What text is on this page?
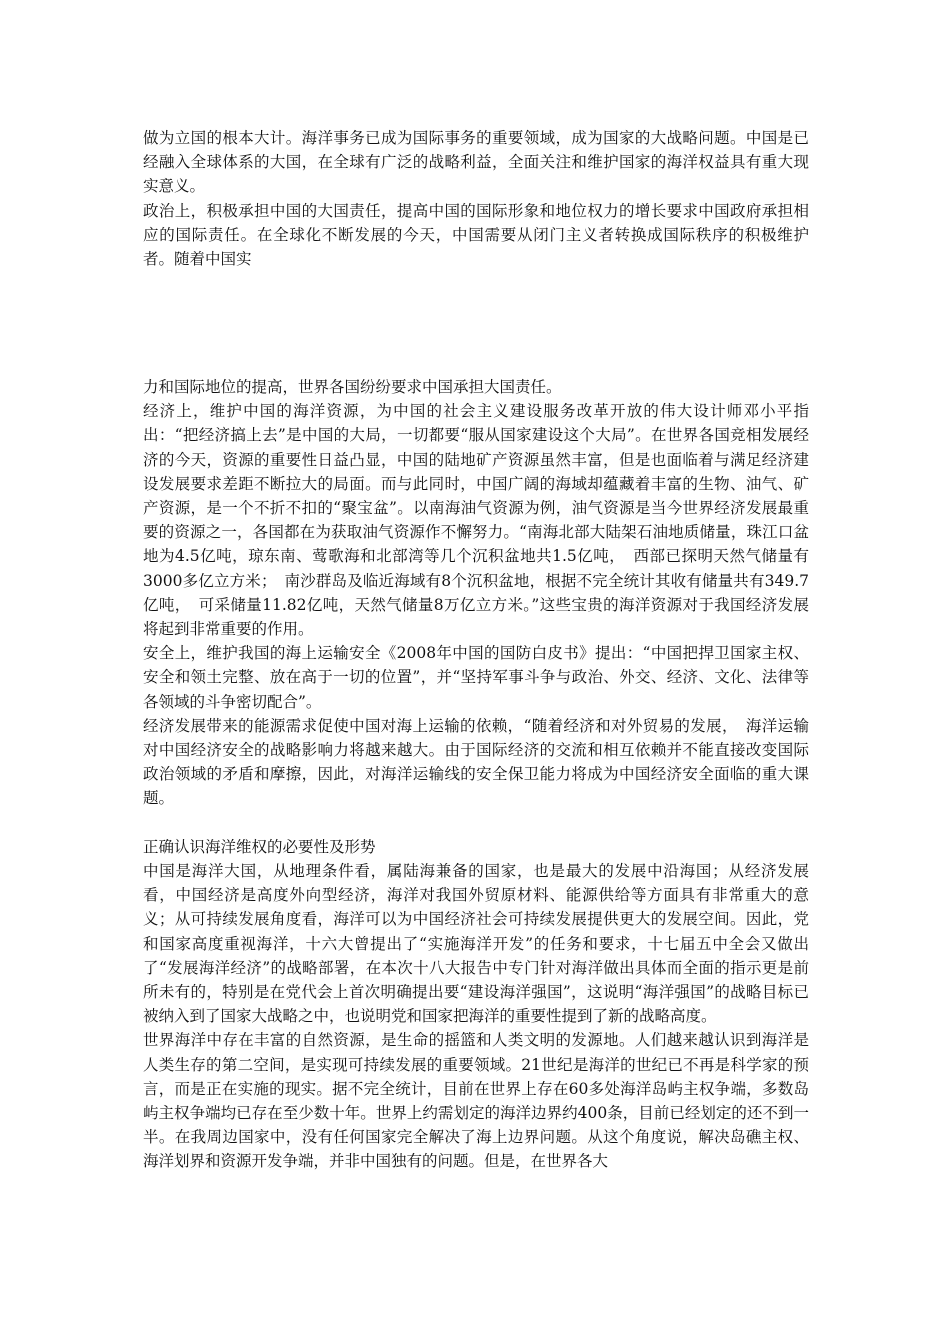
做为立国的根本大计。海洋事务已成为国际事务的重要领域，成为国家的大战略问题。中国是已经融入全球体系的大国，在全球有广泛的战略利益，全面关注和维护国家的海洋权益具有重大现实意义。

政治上，积极承担中国的大国责任，提高中国的国际形象和地位权力的增长要求中国政府承担相应的国际责任。在全球化不断发展的今天，中国需要从闭门主义者转换成国际秩序的积极维护者。随着中国实

力和国际地位的提高，世界各国纷纷要求中国承担大国责任。

经济上，维护中国的海洋资源，为中国的社会主义建设服务改革开放的伟大设计师邓小平指出：“把经济搞上去”是中国的大局，一切都要“服从国家建设这个大局”。在世界各国竞相发展经济的今天，资源的重要性日益凸显，中国的陆地矿产资源虽然丰富，但是也面临着与满足经济建设发展要求差距不断拉大的局面。而与此同时，中国广阔的海域却蕴藏着丰富的生物、油气、矿产资源，是一个不折不扣的“聚宝盆”。以南海油气资源为例，油气资源是当今世界经济发展最重要的资源之一，各国都在为获取油气资源作不懈努力。“南海北部大陆架石油地质储量，珠江口盆地为4.5亿吨，琼东南、莺歌海和北部湾等几个沉积盆地共1.5亿吨，　西部已探明天然气储量有3000多亿立方米；　南沙群岛及临近海域有8个沉积盆地，根据不完全统计其收有储量共有349.7亿吨，　可采储量11.82亿吨，天然气储量8万亿立方米。”这些宝贵的海洋资源对于我国经济发展将起到非常重要的作用。

安全上，维护我国的海上运输安全《2008年中国的国防白皮书》提出：“中国把捍卫国家主权、安全和领土完整、放在高于一切的位置”，并“坚持军事斗争与政治、外交、经济、文化、法律等各领域的斗争密切配合”。

经济发展带来的能源需求促使中国对海上运输的依赖，“随着经济和对外贸易的发展，　海洋运输对中国经济安全的战略影响力将越来越大。由于国际经济的交流和相互依赖并不能直接改变国际政治领域的矛盾和摩擦，因此，对海洋运输线的安全保卫能力将成为中国经济安全面临的重大课题。

正确认识海洋维权的必要性及形势

中国是海洋大国，从地理条件看，属陆海兼备的国家，也是最大的发展中沿海国；从经济发展看，中国经济是高度外向型经济，海洋对我国外贸原材料、能源供给等方面具有非常重大的意义；从可持续发展角度看，海洋可以为中国经济社会可持续发展提供更大的发展空间。因此，党和国家高度重视海洋，十六大曾提出了“实施海洋开发”的任务和要求，十七届五中全会又做出了“发展海洋经济”的战略部署，在本次十八大报告中专门针对海洋做出具体而全面的指示更是前所未有的，特别是在党代会上首次明确提出要“建设海洋强国”，这说明“海洋强国”的战略目标已被纳入到了国家大战略之中，也说明党和国家把海洋的重要性提到了新的战略高度。

世界海洋中存在丰富的自然资源，是生命的摇篮和人类文明的发源地。人们越来越认识到海洋是人类生存的第二空间，是实现可持续发展的重要领域。21世纪是海洋的世纪已不再是科学家的预言，而是正在实施的现实。据不完全统计，目前在世界上存在60多处海洋岛屿主权争端，多数岛屿主权争端均已存在至少数十年。世界上约需划定的海洋边界约400条，目前已经划定的还不到一半。在我周边国家中，没有任何国家完全解决了海上边界问题。从这个角度说，解决岛礁主权、海洋划界和资源开发争端，并非中国独有的问题。但是，在世界各大
